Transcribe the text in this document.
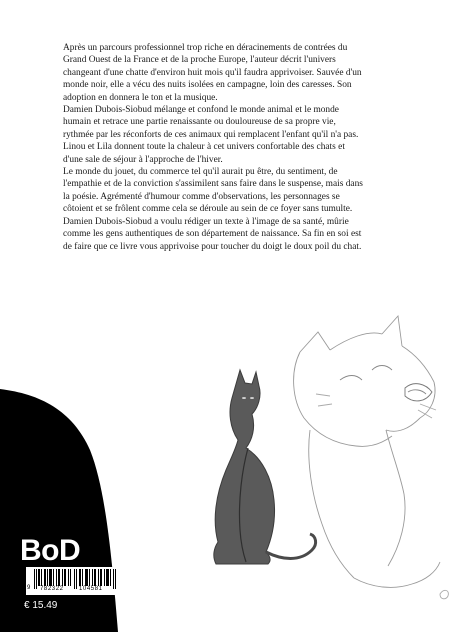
Après un parcours professionnel trop riche en déracinements de contrées du Grand Ouest de la France et de la proche Europe, l'auteur décrit l'univers changeant d'une chatte d'environ huit mois qu'il faudra apprivoiser. Sauvée d'un monde noir, elle a vécu des nuits isolées en campagne, loin des caresses. Son adoption en donnera le ton et la musique.

Damien Dubois-Siobud mélange et confond le monde animal et le monde humain et retrace une partie renaissante ou douloureuse de sa propre vie, rythmée par les réconforts de ces animaux qui remplacent l'enfant qu'il n'a pas. Linou et Lila donnent toute la chaleur à cet univers confortable des chats et d'une sale de séjour à l'approche de l'hiver.

Le monde du jouet, du commerce tel qu'il aurait pu être, du sentiment, de l'empathie et de la conviction s'assimilent sans faire dans le suspense, mais dans la poésie. Agrémenté d'humour comme d'observations, les personnages se côtoient et se frôlent comme cela se déroule au sein de ce foyer sans tumulte.

Damien Dubois-Siobud a voulu rédiger un texte à l'image de sa santé, mûrie comme les gens authentiques de son département de naissance. Sa fin en soi est de faire que ce livre vous apprivoise pour toucher du doigt le doux poil du chat.

BoD
9 782322	104581
€ 15.49
